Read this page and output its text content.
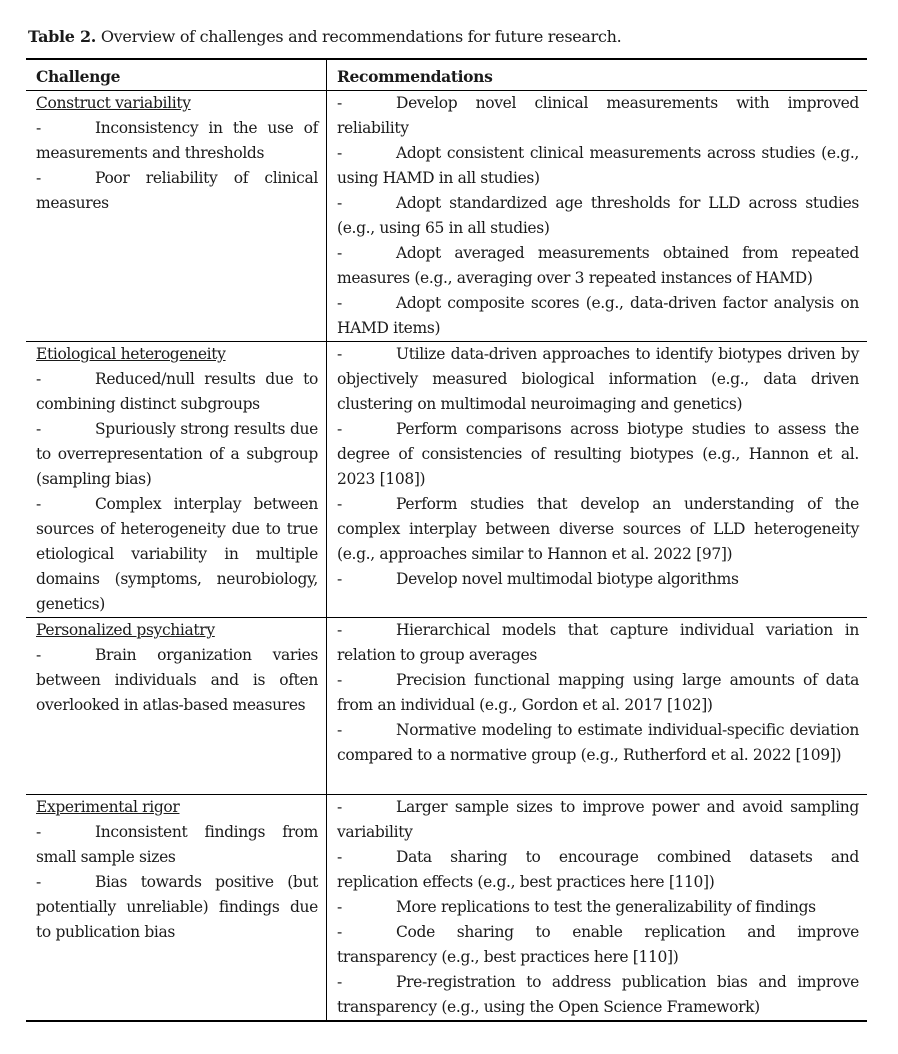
Table 2. Overview of challenges and recommendations for future research.
Challenge	Recommendations

Construct variability
-	Inconsistency in the use of measurements and thresholds
-	Poor reliability of clinical measures

-	Develop novel clinical measurements with improved reliability
-	Adopt consistent clinical measurements across studies (e.g., using HAMD in all studies)
-	Adopt standardized age thresholds for LLD across studies (e.g., using 65 in all studies)
-	Adopt averaged measurements obtained from repeated measures (e.g., averaging over 3 repeated instances of HAMD)
-	Adopt composite scores (e.g., data-driven factor analysis on HAMD items)

Etiological heterogeneity
-	Reduced/null results due to combining distinct subgroups
-	Spuriously strong results due to overrepresentation of a subgroup (sampling bias)
-	Complex interplay between sources of heterogeneity due to true etiological variability in multiple domains (symptoms, neurobiology, genetics)

-	Utilize data-driven approaches to identify biotypes driven by objectively measured biological information (e.g., data driven clustering on multimodal neuroimaging and genetics)
-	Perform comparisons across biotype studies to assess the degree of consistencies of resulting biotypes (e.g., Hannon et al. 2023 [108])
-	Perform studies that develop an understanding of the complex interplay between diverse sources of LLD heterogeneity (e.g., approaches similar to Hannon et al. 2022 [97])
-	Develop novel multimodal biotype algorithms

Personalized psychiatry
-	Brain organization varies between individuals and is often overlooked in atlas-based measures

-	Hierarchical models that capture individual variation in relation to group averages
-	Precision functional mapping using large amounts of data from an individual (e.g., Gordon et al. 2017 [102])
-	Normative modeling to estimate individual-specific deviation compared to a normative group (e.g., Rutherford et al. 2022 [109])

Experimental rigor
-	Inconsistent findings from small sample sizes
-	Bias towards positive (but potentially unreliable) findings due to publication bias

-	Larger sample sizes to improve power and avoid sampling variability
-	Data sharing to encourage combined datasets and replication effects (e.g., best practices here [110])
-	More replications to test the generalizability of findings
-	Code sharing to enable replication and improve transparency (e.g., best practices here [110])
-	Pre-registration to address publication bias and improve transparency (e.g., using the Open Science Framework)
